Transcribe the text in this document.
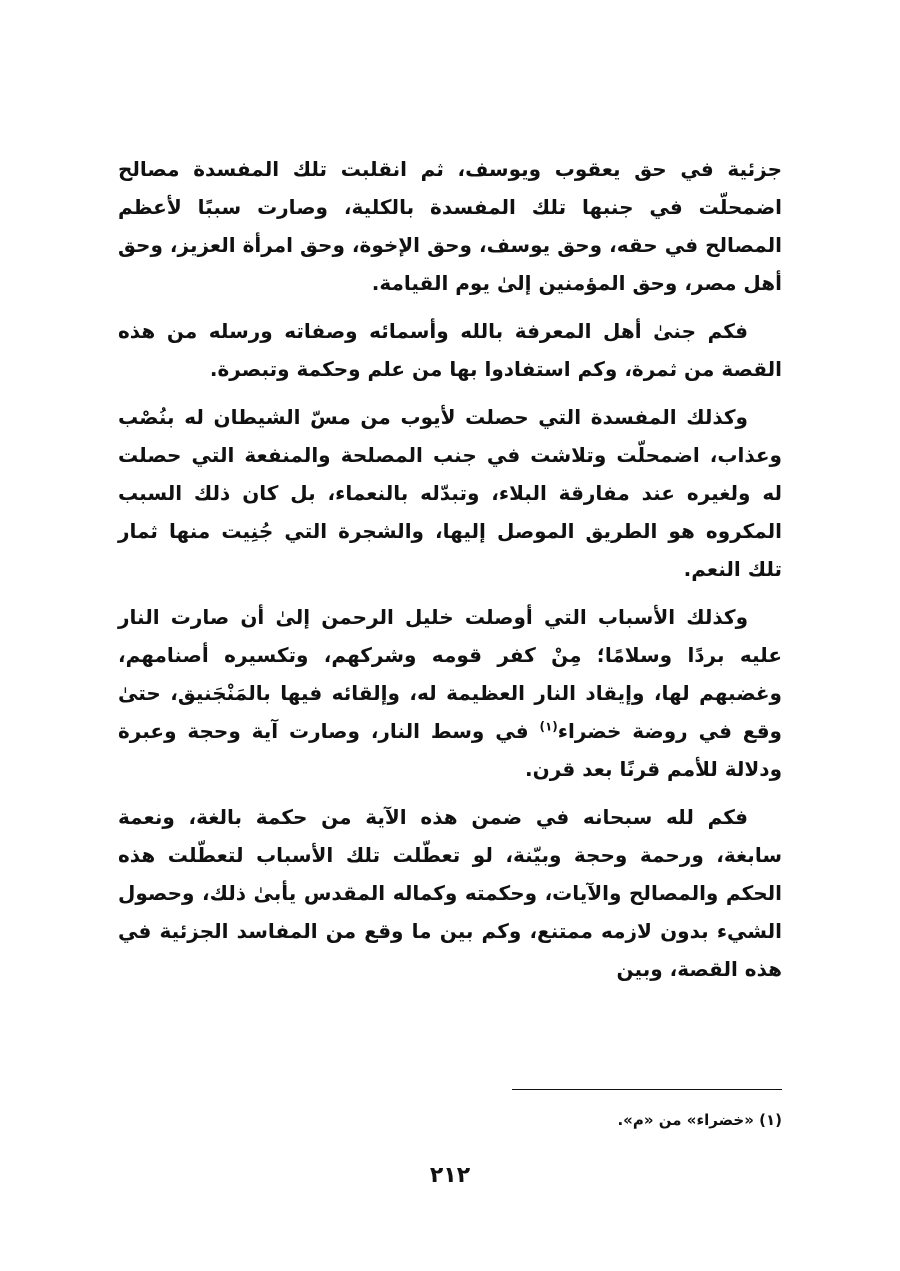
جزئية في حق يعقوب ويوسف، ثم انقلبت تلك المفسدة مصالح اضمحلّت في جنبها تلك المفسدة بالكلية، وصارت سببًا لأعظم المصالح في حقه، وحق يوسف، وحق الإخوة، وحق امرأة العزيز، وحق أهل مصر، وحق المؤمنين إلىٰ يوم القيامة.

فكم جنىٰ أهل المعرفة بالله وأسمائه وصفاته ورسله من هذه القصة من ثمرة، وكم استفادوا بها من علم وحكمة وتبصرة.

وكذلك المفسدة التي حصلت لأيوب من مسّ الشيطان له بنُصْب وعذاب، اضمحلّت وتلاشت في جنب المصلحة والمنفعة التي حصلت له ولغيره عند مفارقة البلاء، وتبدّله بالنعماء، بل كان ذلك السبب المكروه هو الطريق الموصل إليها، والشجرة التي جُنِيت منها ثمار تلك النعم.

وكذلك الأسباب التي أوصلت خليل الرحمن إلىٰ أن صارت النار عليه بردًا وسلامًا؛ مِنْ كفر قومه وشركهم، وتكسيره أصنامهم، وغضبهم لها، وإيقاد النار العظيمة له، وإلقائه فيها بالمَنْجَنيق، حتىٰ وقع في روضة خضراء$^{(١)}$ في وسط النار، وصارت آية وحجة وعبرة ودلالة للأمم قرنًا بعد قرن.

فكم لله سبحانه في ضمن هذه الآية من حكمة بالغة، ونعمة سابغة، ورحمة وحجة وبيّنة، لو تعطّلت تلك الأسباب لتعطّلت هذه الحكم والمصالح والآيات، وحكمته وكماله المقدس يأبىٰ ذلك، وحصول الشيء بدون لازمه ممتنع، وكم بين ما وقع من المفاسد الجزئية في هذه القصة، وبين

(١) «خضراء» من «م».
٢١٢
